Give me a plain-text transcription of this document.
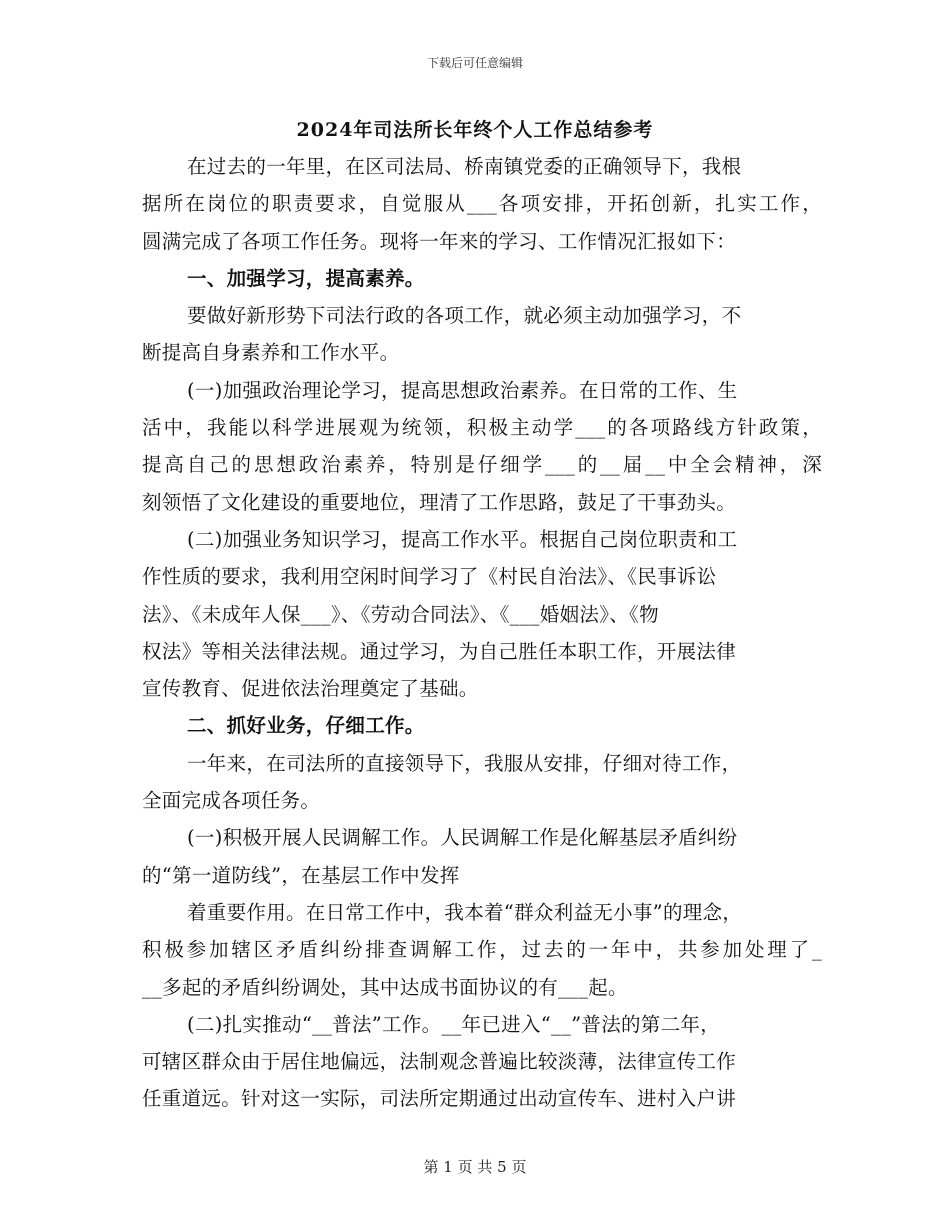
下载后可任意编辑
2024年司法所长年终个人工作总结参考
在过去的一年里，在区司法局、桥南镇党委的正确领导下，我根
据所在岗位的职责要求，自觉服从___各项安排，开拓创新，扎实工作，
圆满完成了各项工作任务。现将一年来的学习、工作情况汇报如下：
一、加强学习，提高素养。
要做好新形势下司法行政的各项工作，就必须主动加强学习，不
断提高自身素养和工作水平。
(一)加强政治理论学习，提高思想政治素养。在日常的工作、生
活中，我能以科学进展观为统领，积极主动学___的各项路线方针政策，
提高自己的思想政治素养，特别是仔细学___的__届__中全会精神，深
刻领悟了文化建设的重要地位，理清了工作思路，鼓足了干事劲头。
(二)加强业务知识学习，提高工作水平。根据自己岗位职责和工
作性质的要求，我利用空闲时间学习了《村民自治法》、《民事诉讼
法》、《未成年人保___》、《劳动合同法》、《___婚姻法》、《物
权法》等相关法律法规。通过学习，为自己胜任本职工作，开展法律
宣传教育、促进依法治理奠定了基础。
二、抓好业务，仔细工作。
一年来，在司法所的直接领导下，我服从安排，仔细对待工作，
全面完成各项任务。
(一)积极开展人民调解工作。人民调解工作是化解基层矛盾纠纷
的“第一道防线”，在基层工作中发挥
着重要作用。在日常工作中，我本着“群众利益无小事”的理念，
积极参加辖区矛盾纠纷排查调解工作，过去的一年中，共参加处理了_
__多起的矛盾纠纷调处，其中达成书面协议的有___起。
(二)扎实推动“__普法”工作。__年已进入“__”普法的第二年，
可辖区群众由于居住地偏远，法制观念普遍比较淡薄，法律宣传工作
任重道远。针对这一实际，司法所定期通过出动宣传车、进村入户讲
第 1 页 共 5 页
